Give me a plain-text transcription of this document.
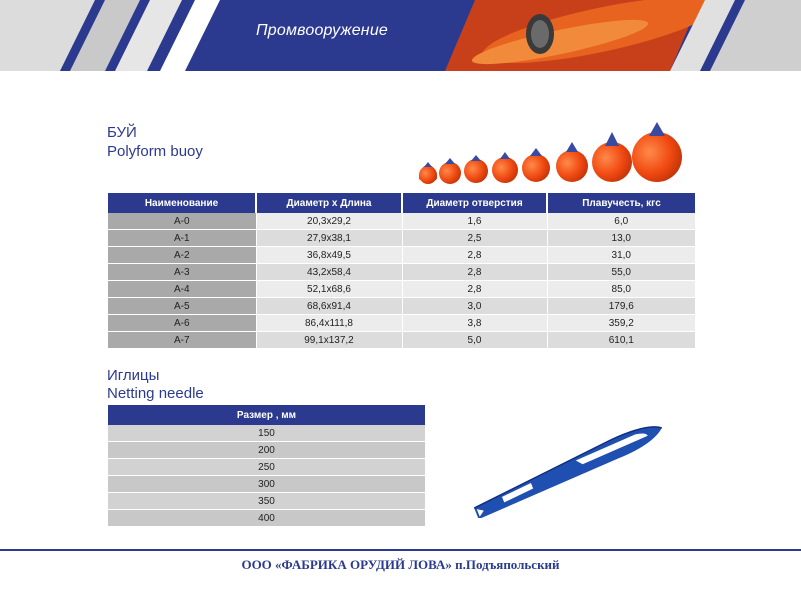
Промвооружение
БУЙ
Polyform buoy
Наименование	Диаметр х Длина	Диаметр отверстия	Плавучесть, кгс
A-0	20,3х29,2	1,6	6,0
A-1	27,9х38,1	2,5	13,0
A-2	36,8х49,5	2,8	31,0
A-3	43,2х58,4	2,8	55,0
A-4	52,1х68,6	2,8	85,0
A-5	68,6х91,4	3,0	179,6
A-6	86,4х111,8	3,8	359,2
A-7	99,1х137,2	5,0	610,1
Иглицы
Netting needle
Размер , мм
150
200
250
300
350
400
ООО «ФАБРИКА ОРУДИЙ ЛОВА» п.Подъяпольский
